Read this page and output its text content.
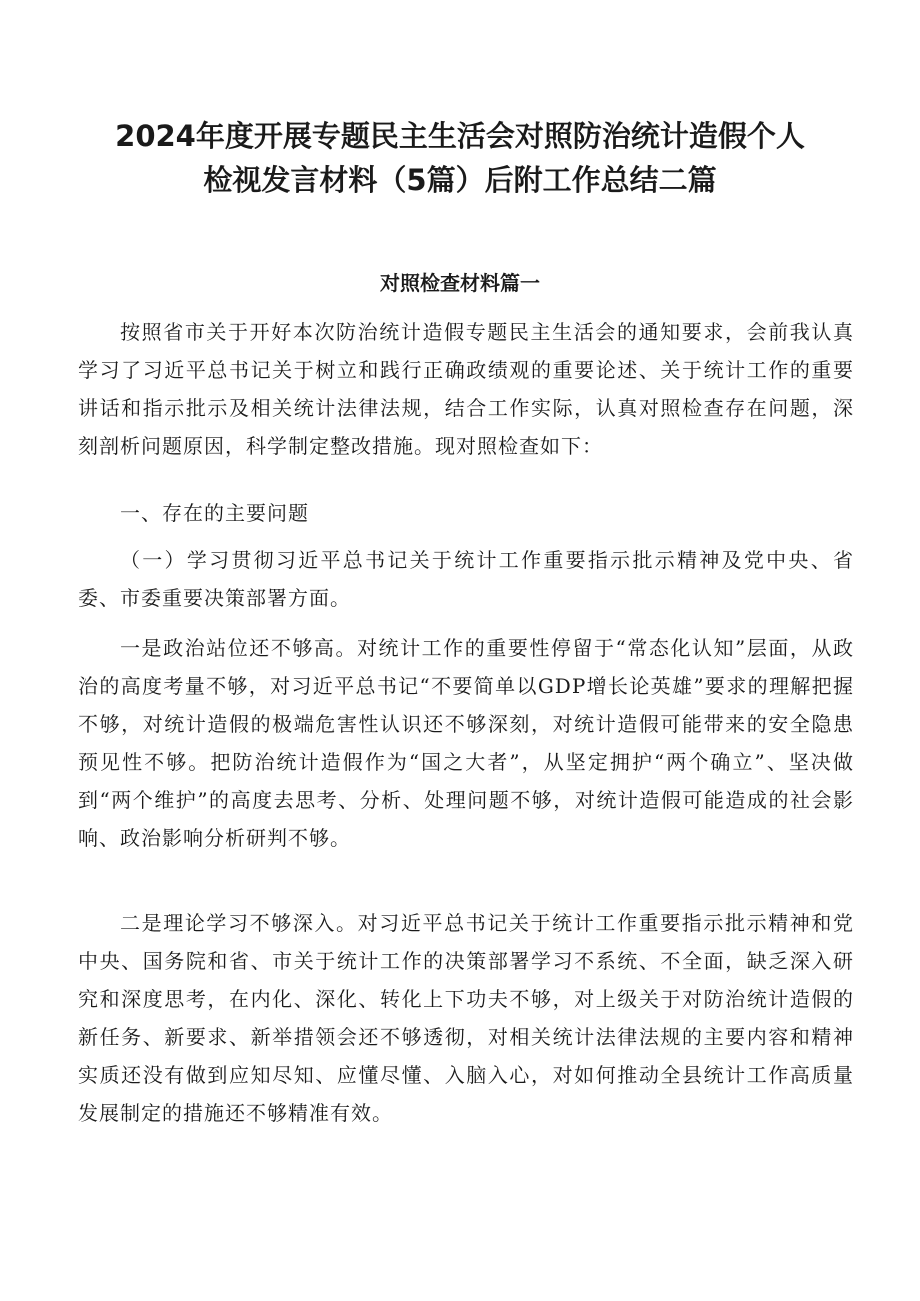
2024年度开展专题民主生活会对照防治统计造假个人
检视发言材料（5篇）后附工作总结二篇
对照检查材料篇一

按照省市关于开好本次防治统计造假专题民主生活会的通知要求，会前我认真学习了习近平总书记关于树立和践行正确政绩观的重要论述、关于统计工作的重要讲话和指示批示及相关统计法律法规，结合工作实际，认真对照检查存在问题，深刻剖析问题原因，科学制定整改措施。现对照检查如下：

一、存在的主要问题

（一）学习贯彻习近平总书记关于统计工作重要指示批示精神及党中央、省委、市委重要决策部署方面。

一是政治站位还不够高。对统计工作的重要性停留于“常态化认知”层面，从政治的高度考量不够，对习近平总书记“不要简单以GDP增长论英雄”要求的理解把握不够，对统计造假的极端危害性认识还不够深刻，对统计造假可能带来的安全隐患预见性不够。把防治统计造假作为“国之大者”，从坚定拥护“两个确立”、坚决做到“两个维护”的高度去思考、分析、处理问题不够，对统计造假可能造成的社会影响、政治影响分析研判不够。

二是理论学习不够深入。对习近平总书记关于统计工作重要指示批示精神和党中央、国务院和省、市关于统计工作的决策部署学习不系统、不全面，缺乏深入研究和深度思考，在内化、深化、转化上下功夫不够，对上级关于对防治统计造假的新任务、新要求、新举措领会还不够透彻，对相关统计法律法规的主要内容和精神实质还没有做到应知尽知、应懂尽懂、入脑入心，对如何推动全县统计工作高质量发展制定的措施还不够精准有效。
